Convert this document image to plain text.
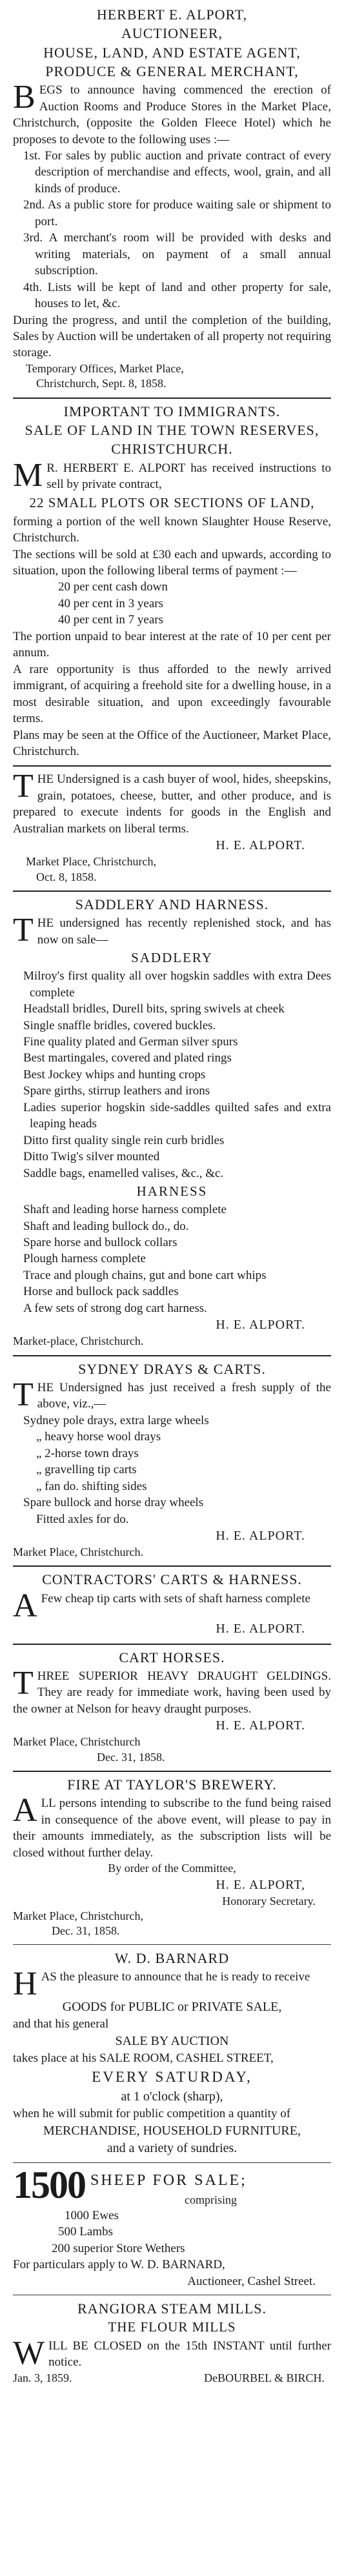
HERBERT E. ALPORT,
AUCTIONEER,
HOUSE, LAND, AND ESTATE AGENT,
PRODUCE & GENERAL MERCHANT,

BEGS to announce having commenced the erection of Auction Rooms and Produce Stores in the Market Place, Christchurch, (opposite the Golden Fleece Hotel) which he proposes to devote to the following uses :—

1st. For sales by public auction and private contract of every description of merchandise and effects, wool, grain, and all kinds of produce.

2nd. As a public store for produce waiting sale or shipment to port.

3rd. A merchant's room will be provided with desks and writing materials, on payment of a small annual subscription.

4th. Lists will be kept of land and other property for sale, houses to let, &c.

During the progress, and until the completion of the building, Sales by Auction will be undertaken of all property not requiring storage.

Temporary Offices, Market Place,

Christchurch, Sept. 8, 1858.

IMPORTANT TO IMMIGRANTS.
SALE OF LAND IN THE TOWN RESERVES,
CHRISTCHURCH.

M R. HERBERT E. ALPORT has received instructions to sell by private contract,

22 SMALL PLOTS OR SECTIONS OF LAND,

forming a portion of the well known Slaughter House Reserve, Christchurch.

The sections will be sold at £30 each and upwards, according to situation, upon the following liberal terms of payment :—

20 per cent cash down

40 per cent in 3 years

40 per cent in 7 years

The portion unpaid to bear interest at the rate of 10 per cent per annum.

A rare opportunity is thus afforded to the newly arrived immigrant, of acquiring a freehold site for a dwelling house, in a most desirable situation, and upon exceedingly favourable terms.

Plans may be seen at the Office of the Auctioneer, Market Place, Christchurch.

THE Undersigned is a cash buyer of wool, hides, sheepskins, grain, potatoes, cheese, butter, and other produce, and is prepared to execute indents for goods in the English and Australian markets on liberal terms.

H. E. ALPORT.

Market Place, Christchurch,

Oct. 8, 1858.

SADDLERY AND HARNESS.

THE undersigned has recently replenished stock, and has now on sale—

SADDLERY

Milroy's first quality all over hogskin saddles with extra Dees complete

Headstall bridles, Durell bits, spring swivels at cheek

Single snaffle bridles, covered buckles.

Fine quality plated and German silver spurs

Best martingales, covered and plated rings

Best Jockey whips and hunting crops

Spare girths, stirrup leathers and irons

Ladies superior hogskin side-saddles quilted safes and extra leaping heads

Ditto first quality single rein curb bridles

Ditto Twig's silver mounted

Saddle bags, enamelled valises, &c., &c.

HARNESS

Shaft and leading horse harness complete

Shaft and leading bullock do., do.

Spare horse and bullock collars

Plough harness complete

Trace and plough chains, gut and bone cart whips

Horse and bullock pack saddles

A few sets of strong dog cart harness.

H. E. ALPORT.

Market-place, Christchurch.

SYDNEY DRAYS & CARTS.

THE Undersigned has just received a fresh supply of the above, viz.,—

Sydney pole drays, extra large wheels

„ heavy horse wool drays

„ 2-horse town drays

„ gravelling tip carts

„ fan do. shifting sides

Spare bullock and horse dray wheels

Fitted axles for do.

H. E. ALPORT.

Market Place, Christchurch.

CONTRACTORS' CARTS & HARNESS.

A Few cheap tip carts with sets of shaft harness complete

H. E. ALPORT.
CART HORSES.

THREE SUPERIOR HEAVY DRAUGHT GELDINGS. They are ready for immediate work, having been used by the owner at Nelson for heavy draught purposes.

H. E. ALPORT.

Market Place, Christchurch

Dec. 31, 1858.

FIRE AT TAYLOR'S BREWERY.

ALL persons intending to subscribe to the fund being raised in consequence of the above event, will please to pay in their amounts immediately, as the subscription lists will be closed without further delay.

By order of the Committee,

H. E. ALPORT,

Honorary Secretary.

Market Place, Christchurch,

Dec. 31, 1858.

W. D. BARNARD

HAS the pleasure to announce that he is ready to receive

GOODS for PUBLIC or PRIVATE SALE,

and that his general

SALE BY AUCTION

takes place at his SALE ROOM, CASHEL STREET,

EVERY SATURDAY,
at 1 o'clock (sharp),

when he will submit for public competition a quantity of

MERCHANDISE, HOUSEHOLD FURNITURE,
and a variety of sundries.
1500 SHEEP FOR SALE;
comprising

1000 Ewes

500 Lambs

200 superior Store Wethers

For particulars apply to W. D. BARNARD,

Auctioneer, Cashel Street.

RANGIORA STEAM MILLS.
THE FLOUR MILLS

WILL BE CLOSED on the 15th INSTANT until further notice.

Jan. 3, 1859.	DeBOURBEL & BIRCH.
